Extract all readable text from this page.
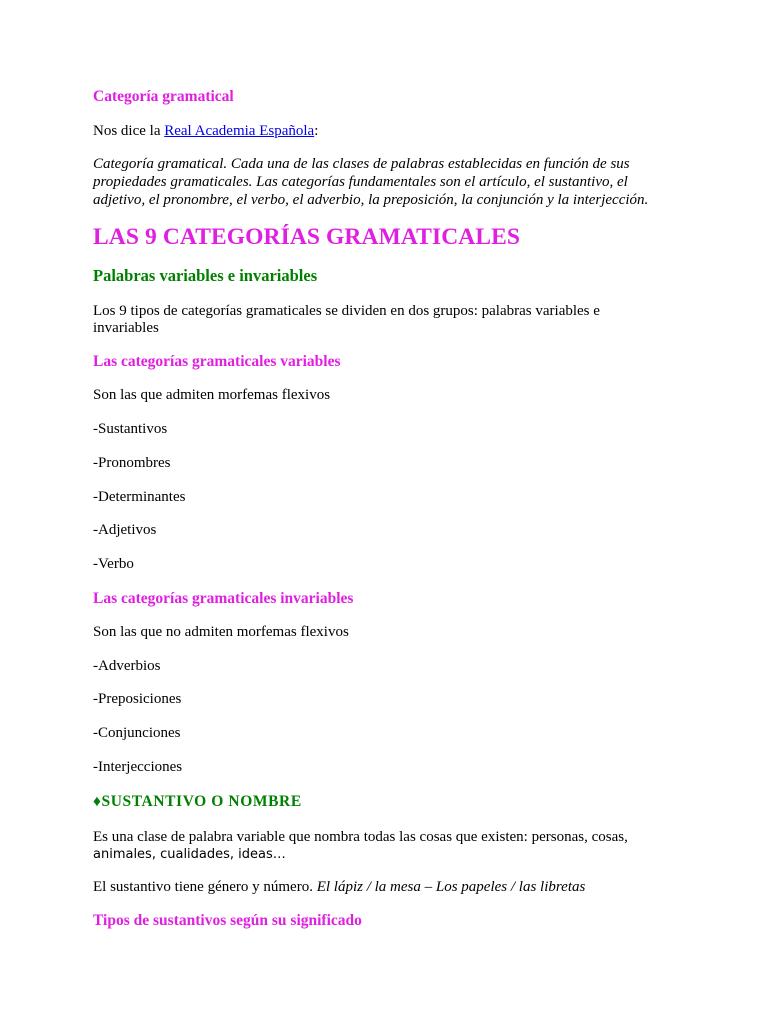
Categoría gramatical

Nos dice la Real Academia Española:

Categoría gramatical. Cada una de las clases de palabras establecidas en función de sus

propiedades gramaticales. Las categorías fundamentales son el artículo, el sustantivo, el

adjetivo, el pronombre, el verbo, el adverbio, la preposición, la conjunción y la interjección.

LAS 9 CATEGORÍAS GRAMATICALES

Palabras variables e invariables

Los 9 tipos de categorías gramaticales se dividen en dos grupos: palabras variables e

invariables

Las categorías gramaticales variables

Son las que admiten morfemas flexivos

-Sustantivos

-Pronombres

-Determinantes

-Adjetivos

-Verbo

Las categorías gramaticales invariables

Son las que no admiten morfemas flexivos

-Adverbios

-Preposiciones

-Conjunciones

-Interjecciones

♦SUSTANTIVO O NOMBRE

Es una clase de palabra variable que nombra todas las cosas que existen: personas, cosas,

animales, cualidades, ideas…

El sustantivo tiene género y número. El lápiz / la mesa – Los papeles / las libretas

Tipos de sustantivos según su significado
